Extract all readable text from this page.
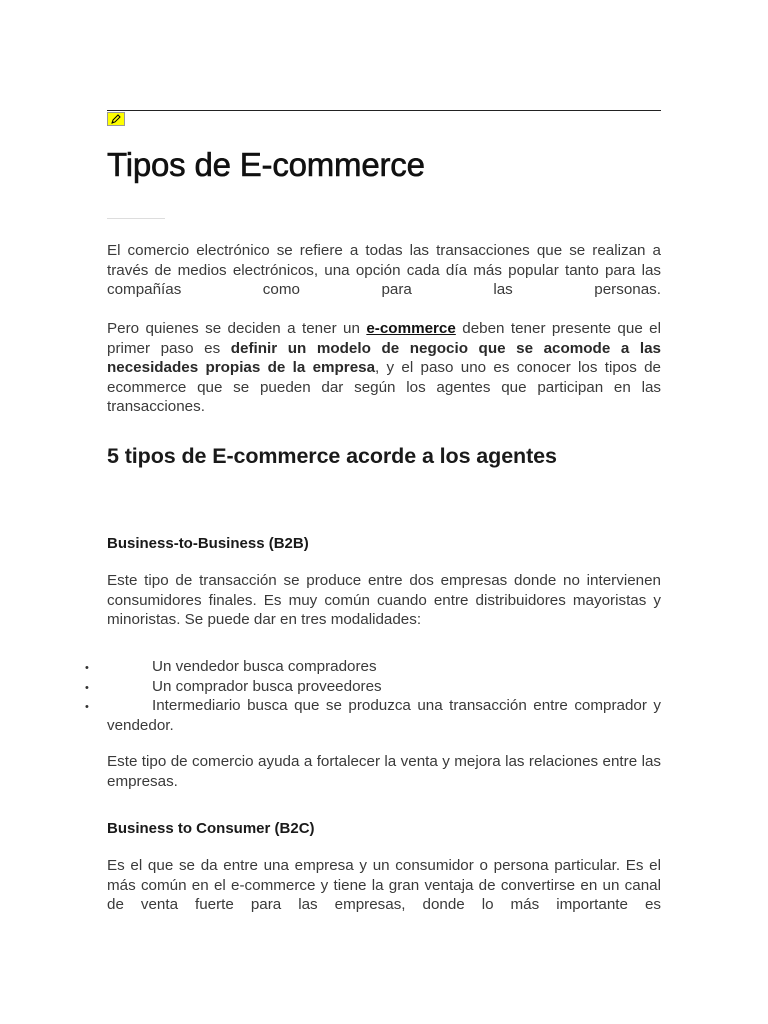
Tipos de E-commerce

El comercio electrónico se refiere a todas las transacciones que se realizan a través de medios electrónicos, una opción cada día más popular tanto para las compañías como para las personas.

Pero quienes se deciden a tener un e-commerce deben tener presente que el primer paso es definir un modelo de negocio que se acomode a las necesidades propias de la empresa, y el paso uno es conocer los tipos de ecommerce que se pueden dar según los agentes que participan en las transacciones.

5 tipos de E-commerce acorde a los agentes
Business-to-Business (B2B)

Este tipo de transacción se produce entre dos empresas donde no intervienen consumidores finales. Es muy común cuando entre distribuidores mayoristas y minoristas. Se puede dar en tres modalidades:

•	Un vendedor busca compradores
•	Un comprador busca proveedores
•	Intermediario busca que se produzca una transacción entre comprador y vendedor.

Este tipo de comercio ayuda a fortalecer la venta y mejora las relaciones entre las empresas.

Business to Consumer (B2C)

Es el que se da entre una empresa y un consumidor o persona particular. Es el más común en el e-commerce y tiene la gran ventaja de convertirse en un canal de venta fuerte para las empresas, donde lo más importante es
